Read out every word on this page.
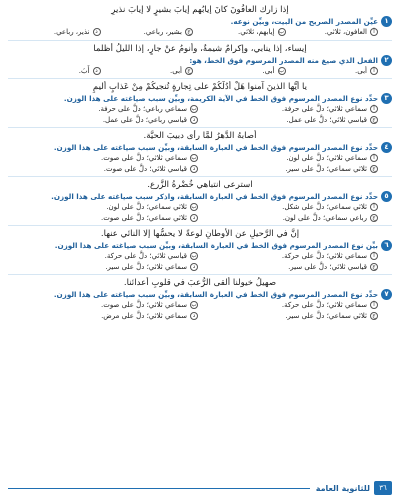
إذا زارك العافُونَ كانَ إيابُهم إيابَ بشيرٍ لا إيابَ نذيرِ
١
عيِّن المصدر الصريح من البيت، وبيِّن نوعه.
أ
العافون، ثلاثي.
ب
إيابهم، ثلاثي.
ج
بشير، رباعي.
د
نذير، رباعي.
إيساء، إذا ينابي، وإكرامٌ شيمةٌ، وأنومُ عنْ جارٍ، إذا الليلُ أظلما
٢
الفعل الذي صيغ منه المصدر المرسوم فوق الخط، هو:
أ
أبى.
ب
أبى.
ج
أبى.
د
أَبَ.
يا أيُّها الذينَ آمنوا هَلْ أدُلُّكُمْ على تِجارةٍ تُنجيكُمْ مِنْ عَذابٍ أليمٍ
٣
حدِّد نوع المصدر المرسوم فوق الخط في الآية الكريمة، وبيِّن سبب صياغته على هذا الوزن.
أ
سماعي ثلاثي؛ دلَّ على حرفة.
ب
سماعي رباعي؛ دلَّ على حرفة.
ج
قياسي ثلاثي؛ دلَّ على عمل.
د
قياسي رباعي؛ دلَّ على عمل.
أصابهُ الدَّهرُ لمَّا رأى دبيبَ الحيَّة.
٤
حدِّد نوع المصدر المرسوم فوق الخط في العبارة السابقة، وبيِّن سبب صياغته على هذا الوزن.
أ
سماعي ثلاثي؛ دلَّ على لون.
ب
سماعي ثلاثي؛ دلَّ على صوت.
ج
ثلاثي سماعي؛ دلَّ على سير.
د
قياسي ثلاثي؛ دلَّ على صوت.
استرعى انتباهي خُضْرةُ الزَّرع.
٥
حدِّد نوع المصدر المرسوم فوق الخط في العبارة السابقة، واذكر سبب صياغته على هذا الوزن.
أ
ثلاثي سماعي؛ دلَّ على شكل.
ب
ثلاثي سماعي؛ دلَّ على لون.
ج
رباعي سماعي؛ دلَّ على لون.
د
ثلاثي سماعي؛ دلَّ على صوت.
إنَّ في الرَّحيلِ عن الأوطانِ لوعةً لا يحسُّها إلا النائي عنها.
٦
بيِّن نوع المصدر المرسوم فوق الخط في العبارة السابقة، وبيِّن سبب صياغته على هذا الوزن.
أ
سماعي ثلاثي؛ دلَّ على حركة.
ب
قياسي ثلاثي؛ دلَّ على حركة.
ج
قياسي ثلاثي؛ دلَّ على سير.
د
سماعي ثلاثي؛ دلَّ على سير.
صهيلُ خيولنا ألقى الرُّعبَ في قلوبِ أعدائنا.
٧
حدِّد نوع المصدر المرسوم فوق الخط في العبارة السابقة، وبيِّن سبب صياغته على هذا الوزن.
أ
سماعي ثلاثي؛ دلَّ على حركة.
ب
سماعي ثلاثي؛ دلَّ على صوت.
ج
ثلاثي سماعي؛ دلَّ على سير.
د
سماعي ثلاثي؛ دلَّ على مرض.
٣٦
للثانوية العامة
